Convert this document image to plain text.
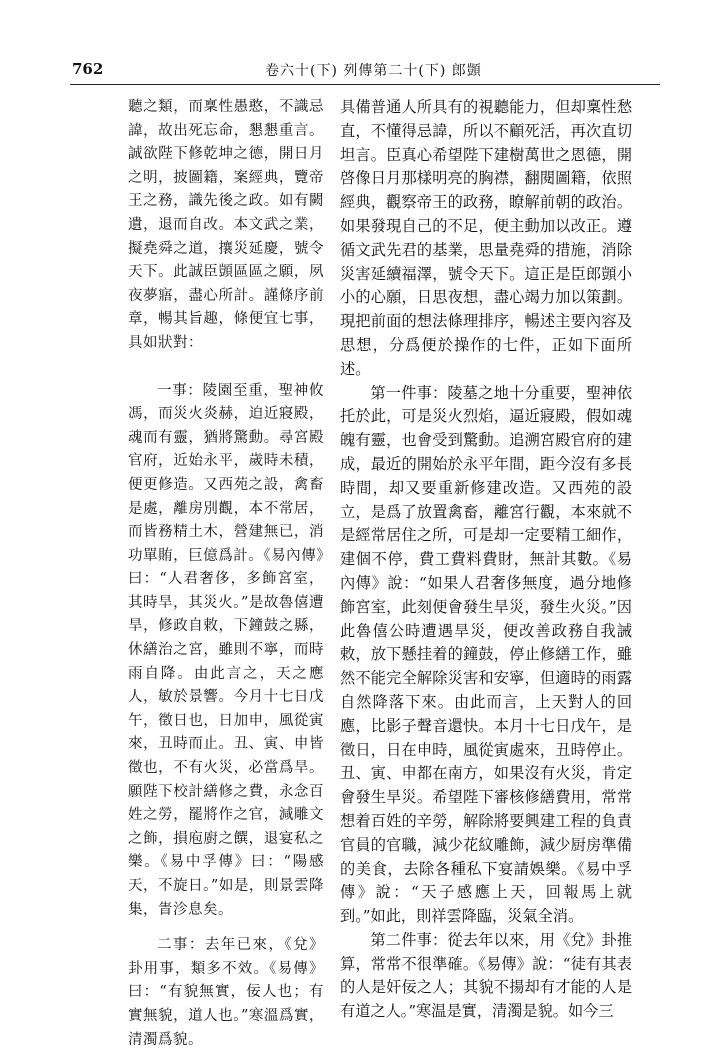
762	卷六十(下) 列傳第二十(下) 郎顗

聽之類，而稟性愚憨，不識忌諱，故出死忘命，懇懇重言。誠欲陛下修乾坤之德，開日月之明，披圖籍，案經典，覽帝王之務，識先後之政。如有闕遺，退而自改。本文武之業，擬堯舜之道，攘災延慶，號令天下。此誠臣顗區區之願，夙夜夢寤，盡心所計。謹條序前章，暢其旨趣，條便宜七事，具如狀對：

一事：陵園至重，聖神攸馮，而災火炎赫，迫近寢殿，魂而有靈，猶將驚動。尋宮殿官府，近始永平，歲時未積，便更修造。又西苑之設，禽畜是處，離房別觀，本不常居，而皆務精土木，營建無已，消功單賄，巨億爲計。《易內傳》曰：“人君奢侈，多飾宮室，其時旱，其災火。”是故魯僖遭旱，修政自敕，下鐘鼓之縣，休繕治之宮，雖則不寧，而時雨自降。由此言之，天之應人，敏於景響。今月十七日戊午，徵日也，日加申，風從寅來，丑時而止。丑、寅、申皆徵也，不有火災，必當爲旱。願陛下校計繕修之費，永念百姓之勞，罷將作之官，減雕文之飾，損庖廚之饌，退宴私之樂。《易中孚傳》曰：“陽感天，不旋日。”如是，則景雲降集，眚沴息矣。

二事：去年已來，《兌》卦用事，類多不效。《易傳》曰：“有貌無實，佞人也；有實無貌，道人也。”寒溫爲實，清濁爲貌。

具備普通人所具有的視聽能力，但却稟性愁直，不懂得忌諱，所以不顧死活，再次直切坦言。臣真心希望陛下建樹萬世之恩德，開啓像日月那樣明亮的胸襟，翻閱圖籍，依照經典，觀察帝王的政務，瞭解前朝的政治。如果發現自己的不足，便主動加以改正。遵循文武先君的基業，思量堯舜的措施，消除災害延續福澤，號令天下。這正是臣郎顗小小的心願，日思夜想，盡心竭力加以策劃。現把前面的想法條理排序，暢述主要內容及思想，分爲便於操作的七件，正如下面所述。

第一件事：陵墓之地十分重要，聖神依托於此，可是災火烈焰，逼近寢殿，假如魂魄有靈，也會受到驚動。追溯宮殿官府的建成，最近的開始於永平年間，距今沒有多長時間，却又要重新修建改造。又西苑的設立，是爲了放置禽畜，離宮行觀，本來就不是經常居住之所，可是却一定要精工細作，建個不停，費工費料費財，無計其數。《易內傳》說：“如果人君奢侈無度，過分地修飾宮室，此刻便會發生旱災，發生火災。”因此魯僖公時遭遇旱災，便改善政務自我誡敕，放下懸挂着的鐘鼓，停止修繕工作，雖然不能完全解除災害和安寧，但適時的雨露自然降落下來。由此而言，上天對人的回應，比影子聲音還快。本月十七日戊午，是徵日，日在申時，風從寅處來，丑時停止。丑、寅、申都在南方，如果沒有火災，肯定會發生旱災。希望陛下審核修繕費用，常常想着百姓的辛勞，解除將要興建工程的負責官員的官職，減少花紋雕飾，減少厨房準備的美食，去除各種私下宴請娛樂。《易中孚傳》說：“天子感應上天，回報馬上就到。”如此，則祥雲降臨，災氣全消。

第二件事：從去年以來，用《兌》卦推算，常常不很準確。《易傳》說：“徒有其表的人是奸佞之人；其貌不揚却有才能的人是有道之人。”寒温是實，清濁是貌。如今三
